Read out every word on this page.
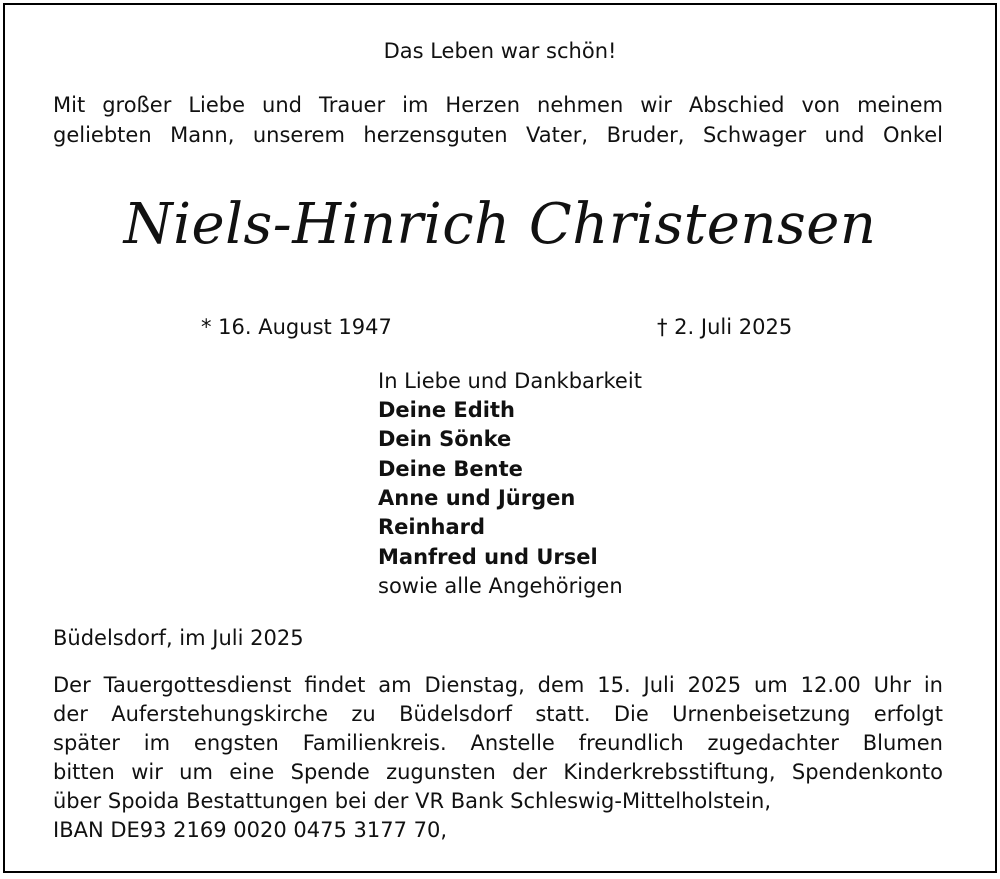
Das Leben war schön!
Mit großer Liebe und Trauer im Herzen nehmen wir Abschied von meinem
geliebten Mann, unserem herzensguten Vater, Bruder, Schwager und Onkel
Niels-Hinrich Christensen
* 16. August 1947	† 2. Juli 2025
In Liebe und Dankbarkeit
Deine Edith
Dein Sönke
Deine Bente
Anne und Jürgen
Reinhard
Manfred und Ursel
sowie alle Angehörigen
Büdelsdorf, im Juli 2025
Der Tauergottesdienst findet am Dienstag, dem 15. Juli 2025 um 12.00 Uhr in
der Auferstehungskirche zu Büdelsdorf statt. Die Urnenbeisetzung erfolgt
später im engsten Familienkreis. Anstelle freundlich zugedachter Blumen
bitten wir um eine Spende zugunsten der Kinderkrebsstiftung, Spendenkonto
über Spoida Bestattungen bei der VR Bank Schleswig-Mittelholstein,
IBAN DE93 2169 0020 0475 3177 70,
